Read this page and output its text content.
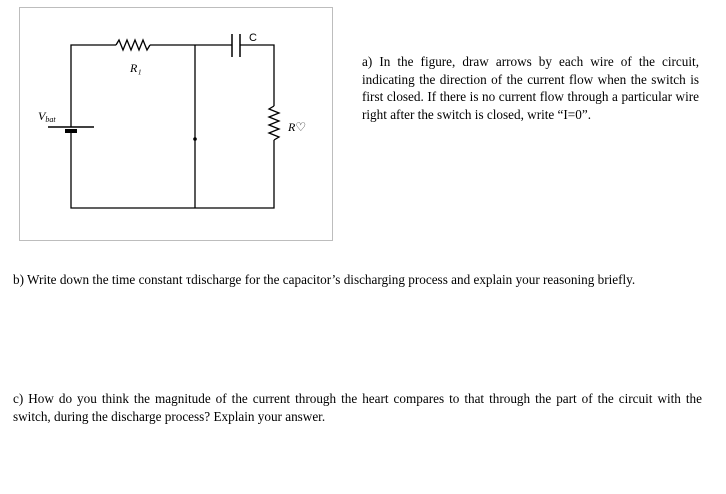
R₁
R♡
Vbat
C
a) In the figure, draw arrows by each wire of the circuit, indicating the direction of the current flow when the switch is first closed. If there is no current flow through a particular wire right after the switch is closed, write “I=0”.
b) Write down the time constant τdischarge for the capacitor’s discharging process and explain your reasoning briefly.
c) How do you think the magnitude of the current through the heart compares to that through the part of the circuit with the switch, during the discharge process? Explain your answer.
